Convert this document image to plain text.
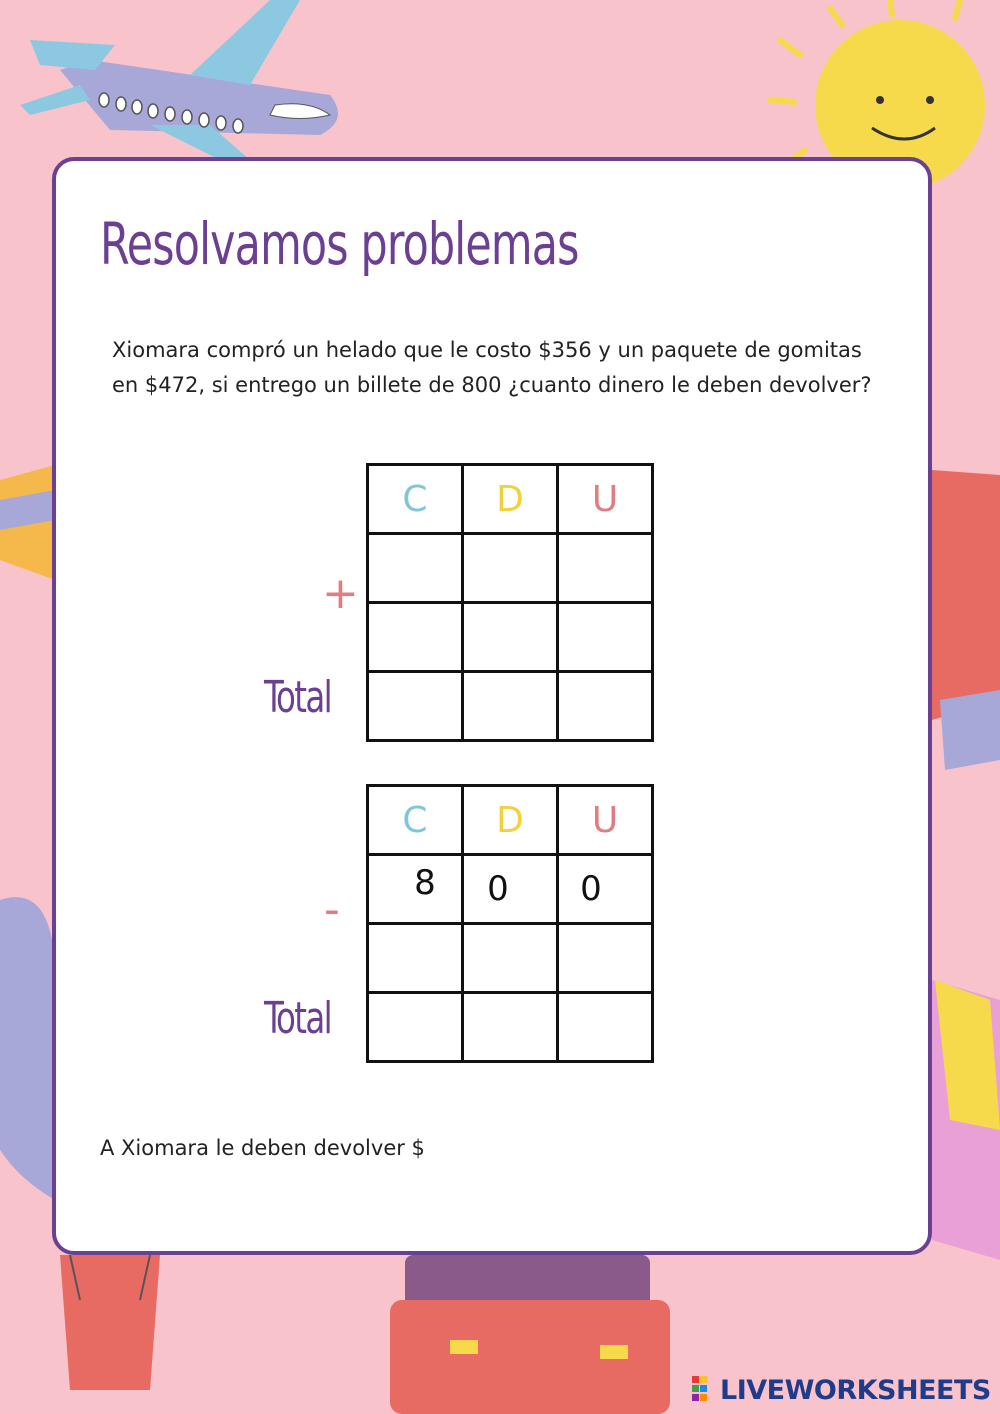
Resolvamos problemas
Xiomara compró un helado que le costo $356 y un paquete de gomitas en $472, si entrego un billete de 800 ¿cuanto dinero le deben devolver?
+
C	D	U

Total
-
C	D	U
8	0	0

Total
A Xiomara le deben devolver $
LIVEWORKSHEETS
